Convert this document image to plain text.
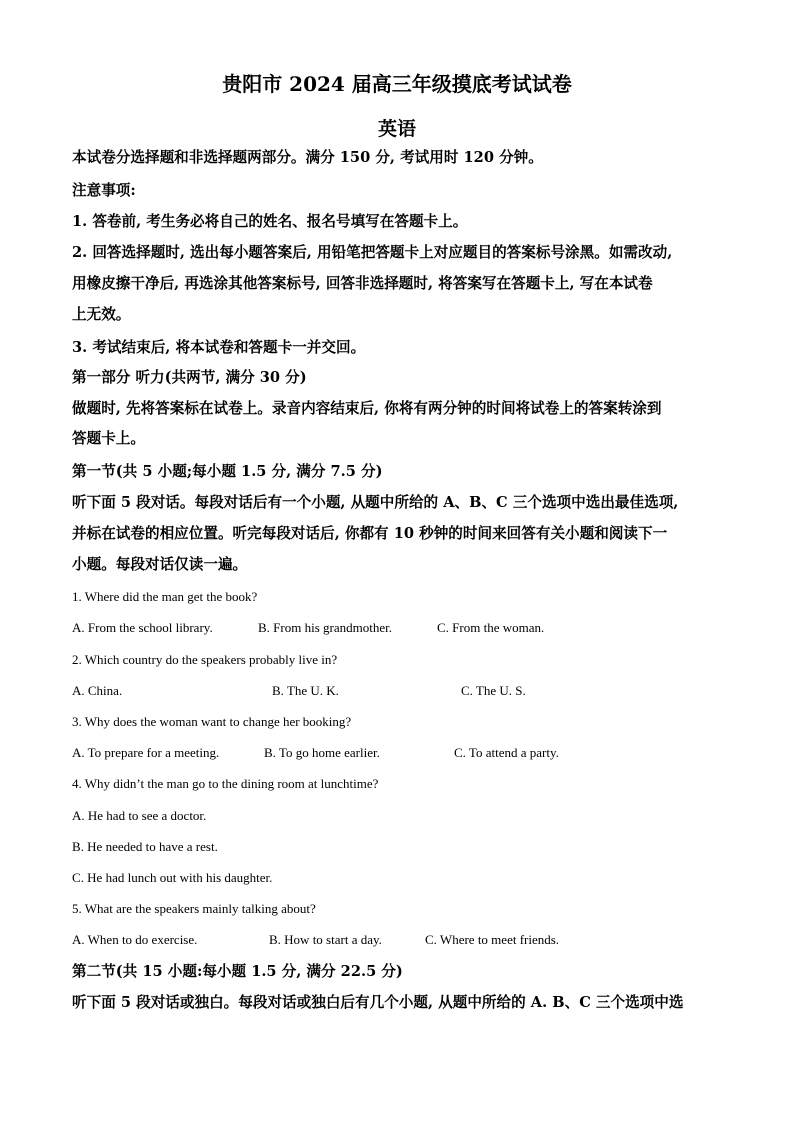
贵阳市 2024 届高三年级摸底考试试卷
英语
本试卷分选择题和非选择题两部分。满分 150 分, 考试用时 120 分钟。
注意事项:
1. 答卷前, 考生务必将自己的姓名、报名号填写在答题卡上。
2. 回答选择题时, 选出每小题答案后, 用铅笔把答题卡上对应题目的答案标号涂黑。如需改动,
用橡皮擦干净后, 再选涂其他答案标号, 回答非选择题时, 将答案写在答题卡上, 写在本试卷
上无效。
3. 考试结束后, 将本试卷和答题卡一并交回。
第一部分 听力(共两节, 满分 30 分)
做题时, 先将答案标在试卷上。录音内容结束后, 你将有两分钟的时间将试卷上的答案转涂到
答题卡上。
第一节(共 5 小题;每小题 1.5 分, 满分 7.5 分)
听下面 5 段对话。每段对话后有一个小题, 从题中所给的 A、B、C 三个选项中选出最佳选项,
并标在试卷的相应位置。听完每段对话后, 你都有 10 秒钟的时间来回答有关小题和阅读下一
小题。每段对话仅读一遍。
1. Where did the man get the book?
A. From the school library.	B. From his grandmother.	C. From the woman.
2. Which country do the speakers probably live in?
A. China.	B. The U. K.	C. The U. S.
3. Why does the woman want to change her booking?
A. To prepare for a meeting.	B. To go home earlier.	C. To attend a party.
4. Why didn’t the man go to the dining room at lunchtime?
A. He had to see a doctor.
B. He needed to have a rest.
C. He had lunch out with his daughter.
5. What are the speakers mainly talking about?
A. When to do exercise.	B. How to start a day.	C. Where to meet friends.
第二节(共 15 小题:每小题 1.5 分, 满分 22.5 分)
听下面 5 段对话或独白。每段对话或独白后有几个小题, 从题中所给的 A. B、C 三个选项中选
